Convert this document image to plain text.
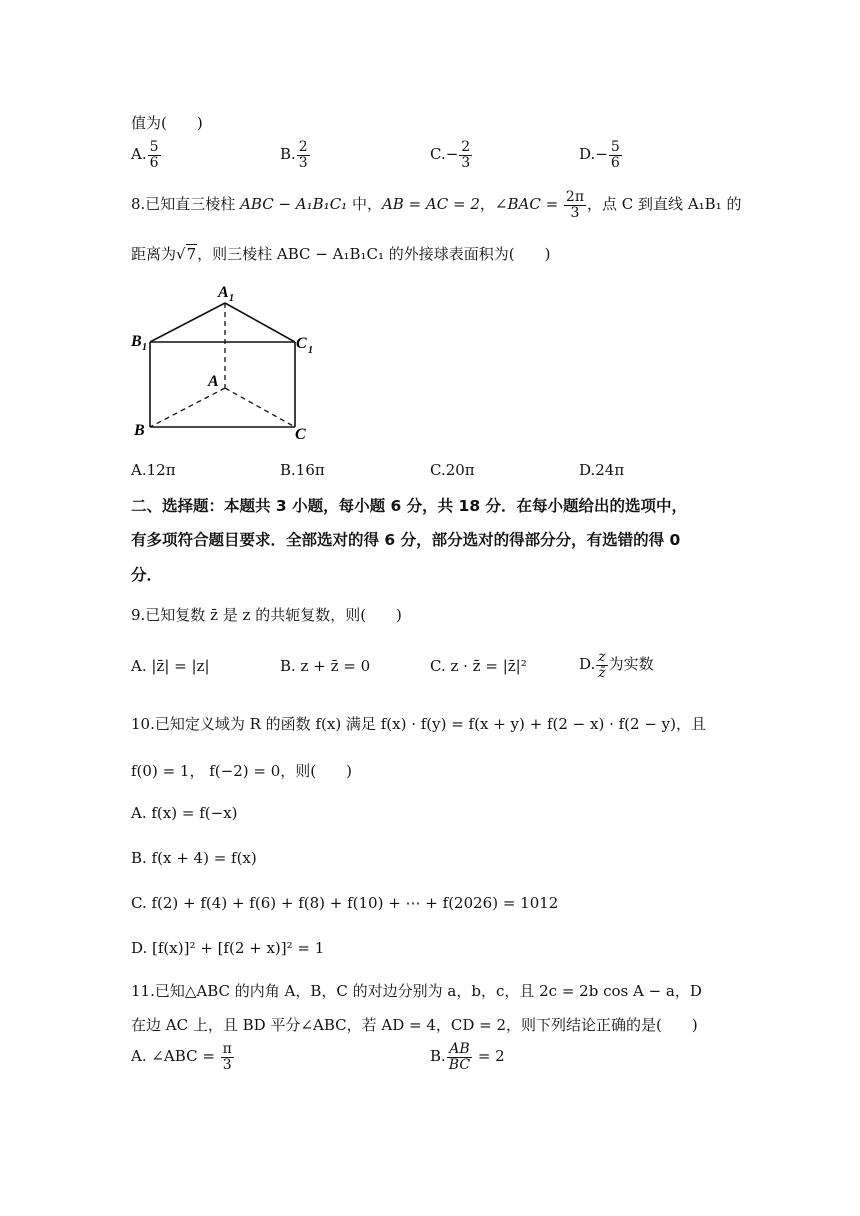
值为(　　)
A. $\frac{5}{6}$	B. $\frac{2}{3}$	$C.- \frac{2}{3}$	$D.- \frac{5}{6}$
8.已知直三棱柱 ABC − A₁B₁C₁ 中，AB = AC = 2，∠BAC = $\frac{2\pi}{3}$ ，点 C 到直线 A₁B₁ 的
距离为√7，则三棱柱 ABC − A₁B₁C₁ 的外接球表面积为(　　)
A 1
B 1	C 1
A
B	C
A.12π	B.16π	C.20π	D.24π
二、选择题：本题共 3 小题，每小题 6 分，共 18 分．在每小题给出的选项中，
有多项符合题目要求．全部选对的得 6 分，部分选对的得部分分，有选错的得 0
分．
9.已知复数 z̄ 是 z 的共轭复数，则(　　)
A. |z̄| = |z|	B. z + z̄ = 0	C. z · z̄ = |z̄|²	D. $\frac{z}{z̄}$ 为实数
10.已知定义域为 R 的函数 f(x) 满足 f(x) · f(y) = f(x + y) + f(2 − x) · f(2 − y)，且
f(0) = 1， f(−2) = 0，则(　　)
A. f(x) = f(−x)
B. f(x + 4) = f(x)
C. f(2) + f(4) + f(6) + f(8) + f(10) + ⋯ + f(2026) = 1012
D. [f(x)]² + [f(2 + x)]² = 1
11.已知△ABC 的内角 A，B，C 的对边分别为 a，b，c，且 2c = 2b cos A − a，D
在边 AC 上，且 BD 平分∠ABC，若 AD = 4，CD = 2，则下列结论正确的是(　　)
A. ∠ABC = $\frac{\pi}{3}$	B. $\frac{AB}{BC} = 2$
